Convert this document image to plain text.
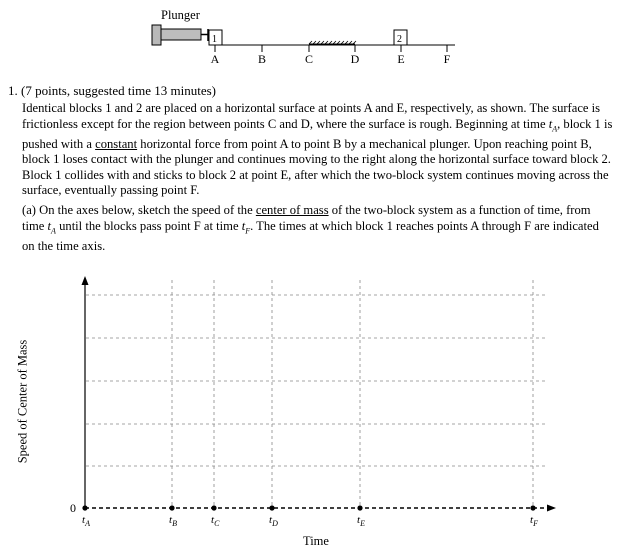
Plunger
1	2
A	B	C	D	E	F
1. (7 points, suggested time 13 minutes)
Identical blocks 1 and 2 are placed on a horizontal surface at points A and E, respectively, as shown. The surface is frictionless except for the region between points C and D, where the surface is rough. Beginning at time $t_A$, block 1 is pushed with a constant horizontal force from point A to point B by a mechanical plunger. Upon reaching point B, block 1 loses contact with the plunger and continues moving to the right along the horizontal surface toward block 2. Block 1 collides with and sticks to block 2 at point E, after which the two-block system continues moving across the surface, eventually passing point F.
(a) On the axes below, sketch the speed of the center of mass of the two-block system as a function of time, from time $t_A$ until the blocks pass point F at time $t_F$. The times at which block 1 reaches points A through F are indicated on the time axis.
0
$t_A$	$t_B$	$t_C$	$t_D$	$t_E$	$t_F$
Speed of Center of Mass
Time
